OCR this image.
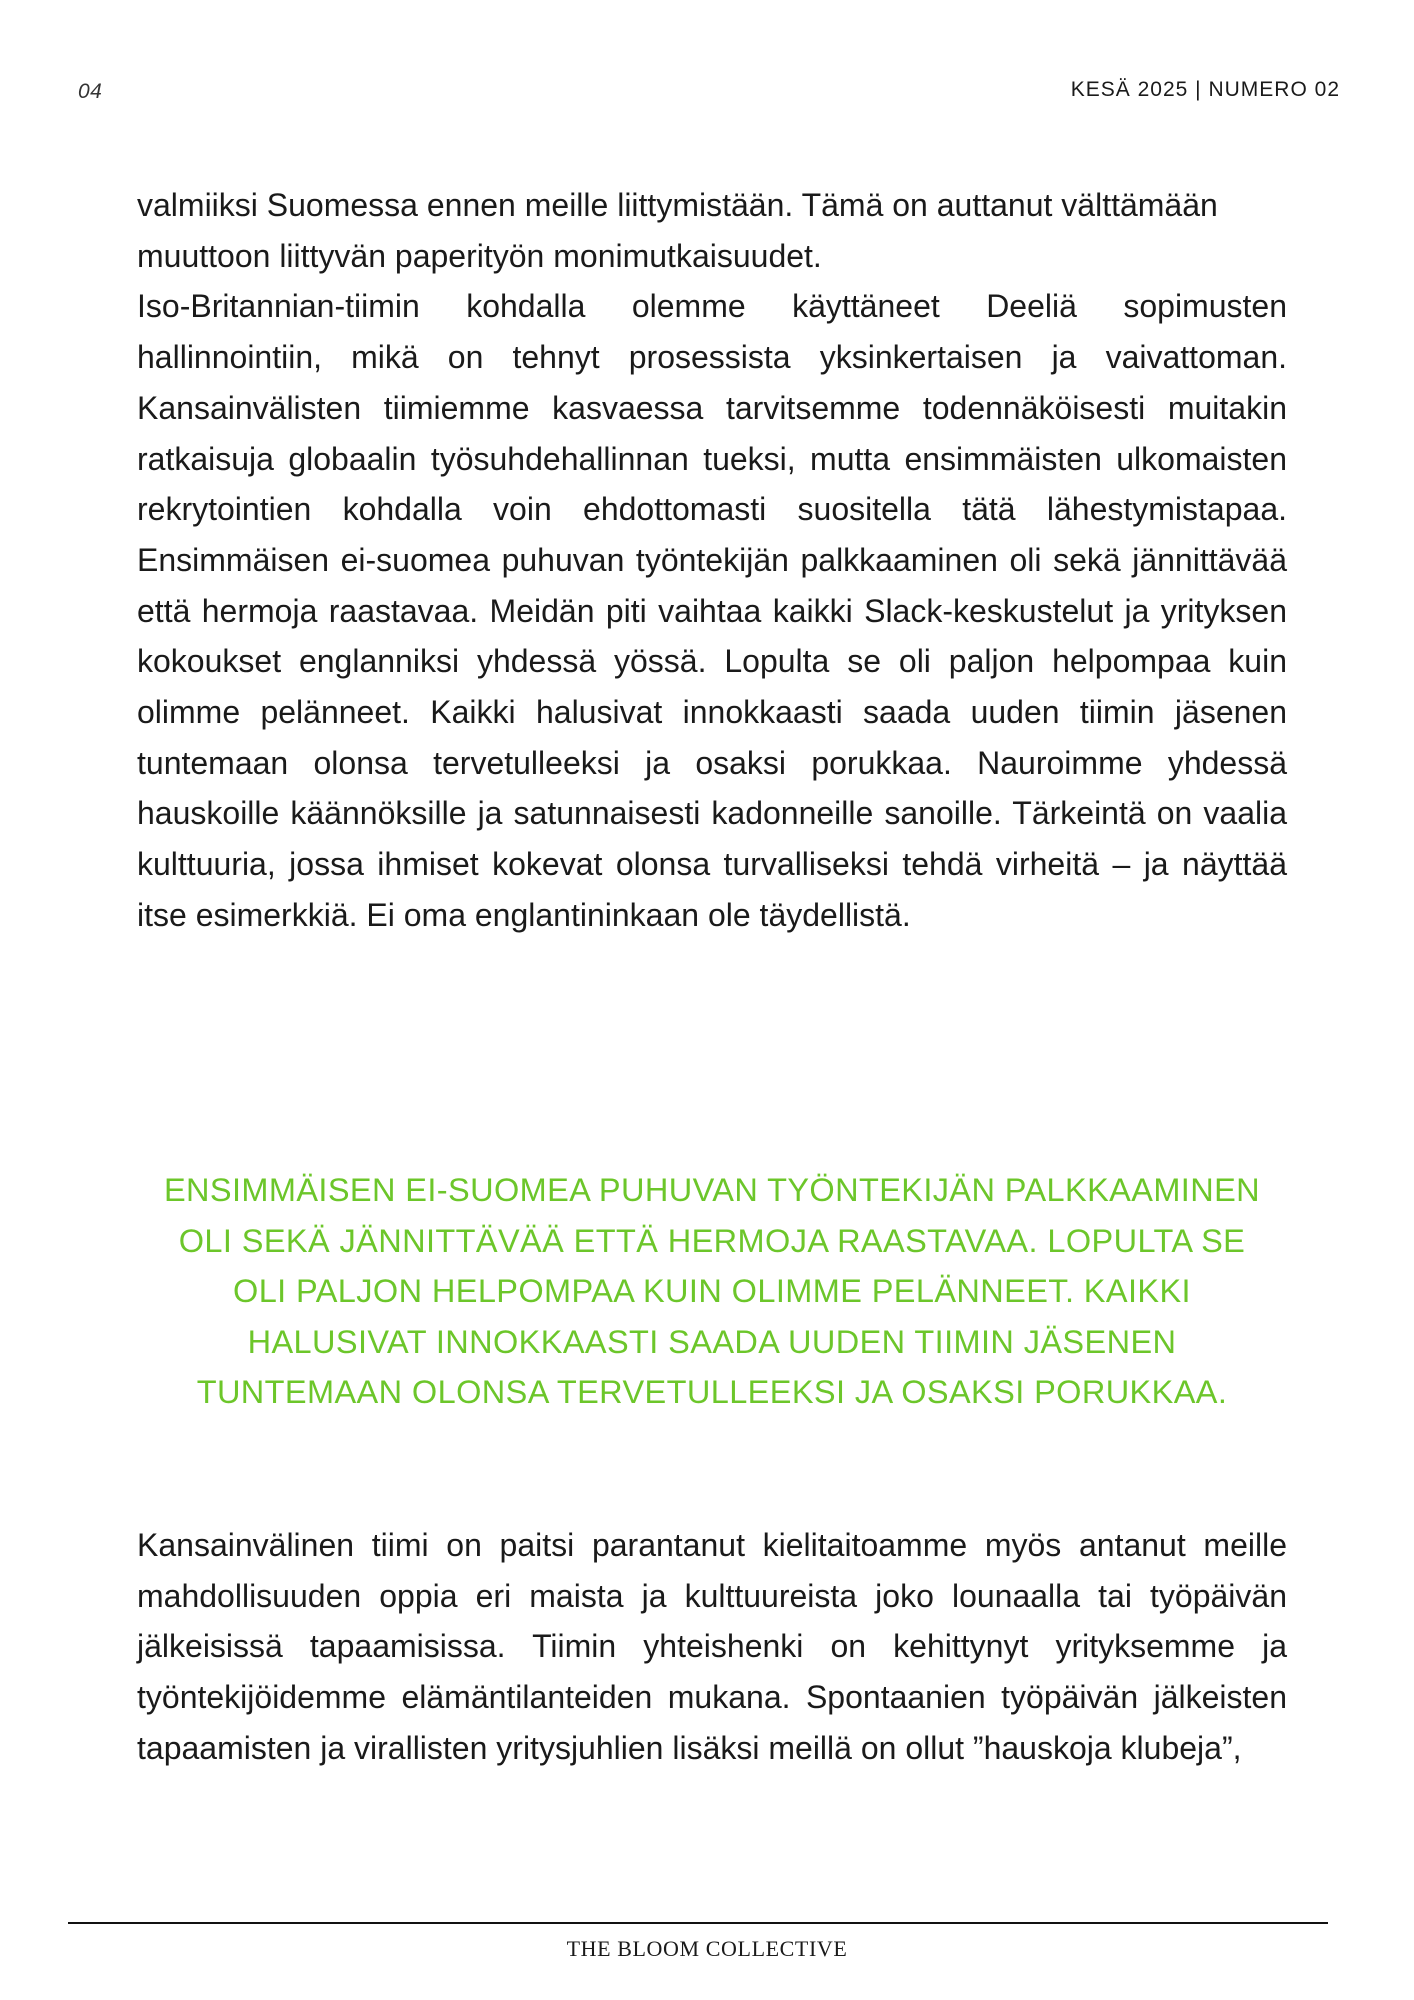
04	KESÄ 2025 | NUMERO 02
valmiiksi Suomessa ennen meille liittymistään. Tämä on auttanut välttämään muuttoon liittyvän paperityön monimutkaisuudet.
Iso-Britannian-tiimin kohdalla olemme käyttäneet Deeliä sopimusten hallinnointiin, mikä on tehnyt prosessista yksinkertaisen ja vaivattoman. Kansainvälisten tiimiemme kasvaessa tarvitsemme todennäköisesti muitakin ratkaisuja globaalin työsuhdehallinnan tueksi, mutta ensimmäisten ulkomaisten rekrytointien kohdalla voin ehdottomasti suositella tätä lähestymistapaa. Ensimmäisen ei-suomea puhuvan työntekijän palkkaaminen oli sekä jännittävää että hermoja raastavaa. Meidän piti vaihtaa kaikki Slack-keskustelut ja yrityksen kokoukset englanniksi yhdessä yössä. Lopulta se oli paljon helpompaa kuin olimme pelänneet. Kaikki halusivat innokkaasti saada uuden tiimin jäsenen tuntemaan olonsa tervetulleeksi ja osaksi porukkaa. Nauroimme yhdessä hauskoille käännöksille ja satunnaisesti kadonneille sanoille. Tärkeintä on vaalia kulttuuria, jossa ihmiset kokevat olonsa turvalliseksi tehdä virheitä – ja näyttää itse esimerkkiä. Ei oma englantininkaan ole täydellistä.

ENSIMMÄISEN EI-SUOMEA PUHUVAN TYÖNTEKIJÄN PALKKAAMINEN OLI SEKÄ JÄNNITTÄVÄÄ ETTÄ HERMOJA RAASTAVAA. LOPULTA SE OLI PALJON HELPOMPAA KUIN OLIMME PELÄNNEET. KAIKKI HALUSIVAT INNOKKAASTI SAADA UUDEN TIIMIN JÄSENEN TUNTEMAAN OLONSA TERVETULLEEKSI JA OSAKSI PORUKKAA.

Kansainvälinen tiimi on paitsi parantanut kielitaitoamme myös antanut meille mahdollisuuden oppia eri maista ja kulttuureista joko lounaalla tai työpäivän jälkeisissä tapaamisissa. Tiimin yhteishenki on kehittynyt yrityksemme ja työntekijöidemme elämäntilanteiden mukana. Spontaanien työpäivän jälkeisten tapaamisten ja virallisten yritysjuhlien lisäksi meillä on ollut ”hauskoja klubeja”,

THE BLOOM COLLECTIVE
